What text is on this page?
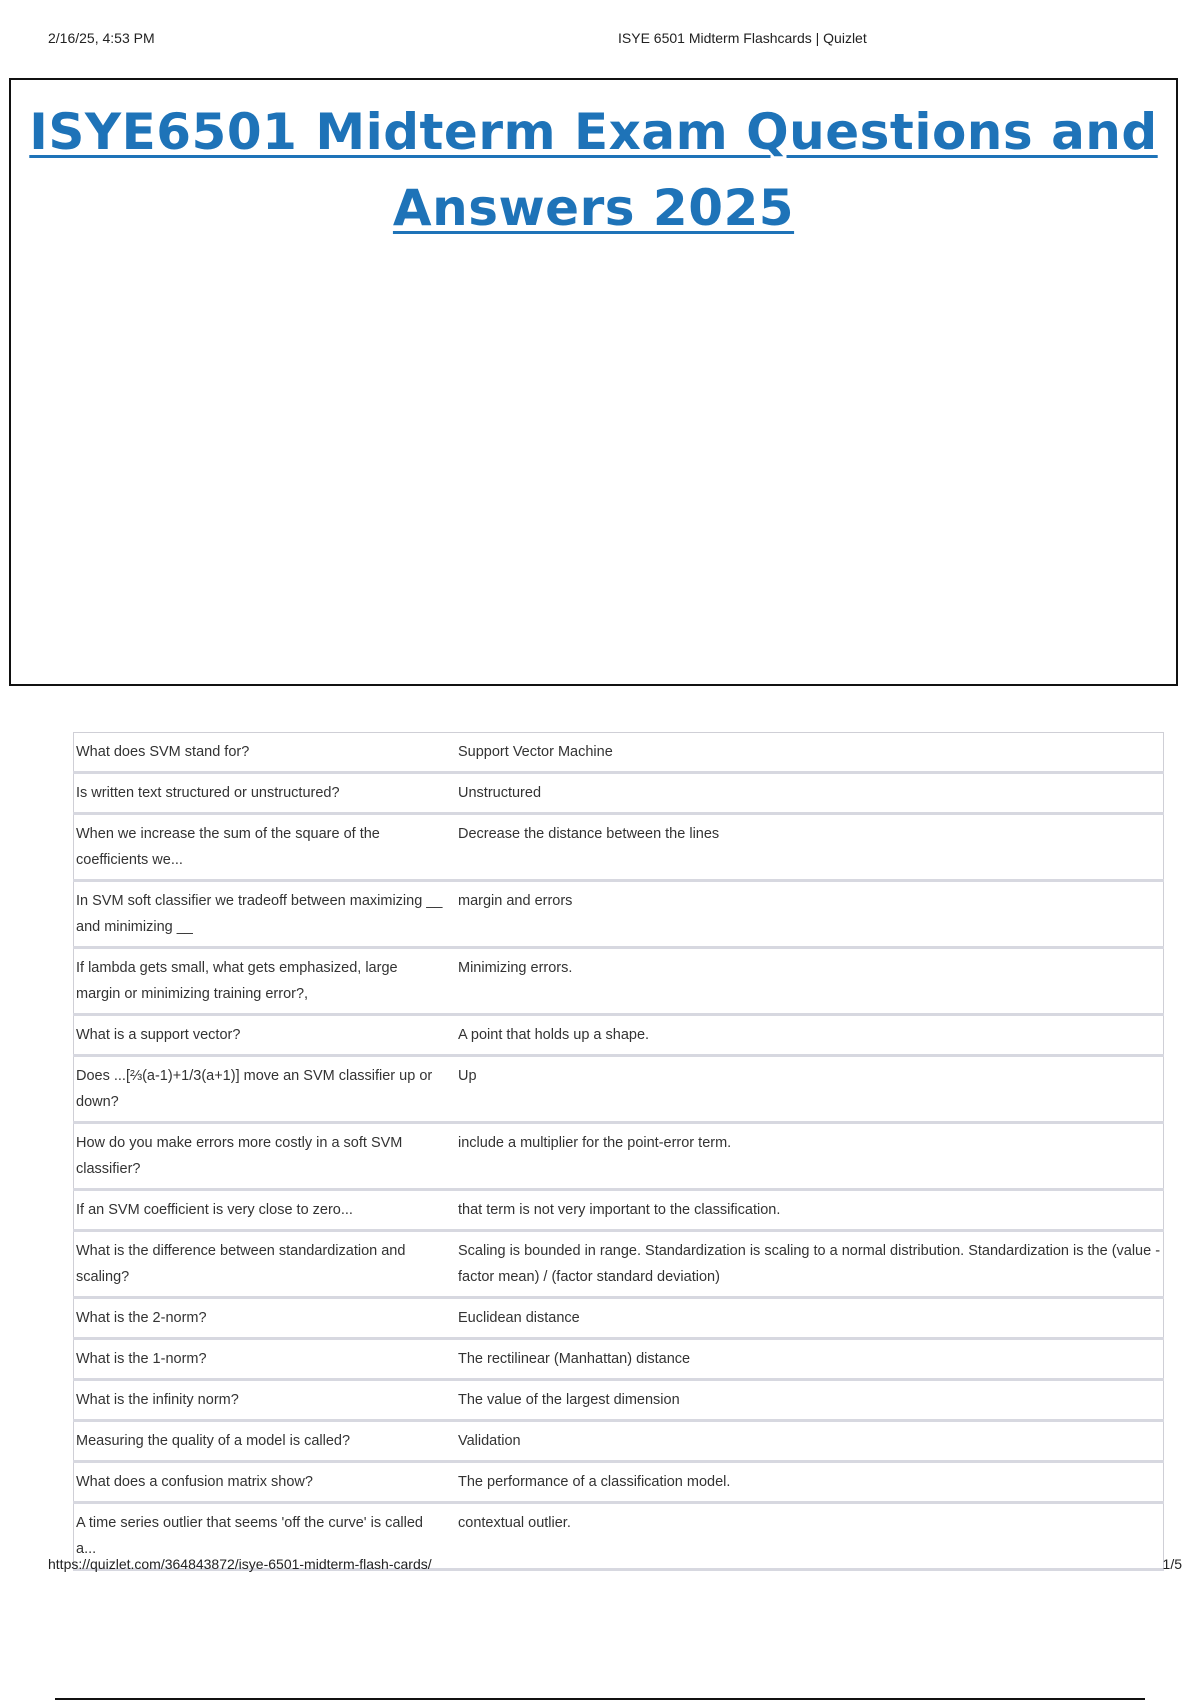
2/16/25, 4:53 PM	ISYE 6501 Midterm Flashcards | Quizlet
ISYE6501 Midterm Exam Questions and Answers 2025
What does SVM stand for?	Support Vector Machine
Is written text structured or unstructured?	Unstructured
When we increase the sum of the square of the coefficients we...	Decrease the distance between the lines
In SVM soft classifier we tradeoff between maximizing __ and minimizing __	margin and errors
If lambda gets small, what gets emphasized, large margin or minimizing training error?,	Minimizing errors.
What is a support vector?	A point that holds up a shape.
Does ...[⅔(a-1)+1/3(a+1)] move an SVM classifier up or down?	Up
How do you make errors more costly in a soft SVM classifier?	include a multiplier for the point-error term.
If an SVM coefficient is very close to zero...	that term is not very important to the classification.
What is the difference between standardization and scaling?	Scaling is bounded in range. Standardization is scaling to a normal distribution. Standardization is the (value - factor mean) / (factor standard deviation)
What is the 2-norm?	Euclidean distance
What is the 1-norm?	The rectilinear (Manhattan) distance
What is the infinity norm?	The value of the largest dimension
Measuring the quality of a model is called?	Validation
What does a confusion matrix show?	The performance of a classification model.
A time series outlier that seems 'off the curve' is called a...	contextual outlier.
https://quizlet.com/364843872/isye-6501-midterm-flash-cards/	1/5
